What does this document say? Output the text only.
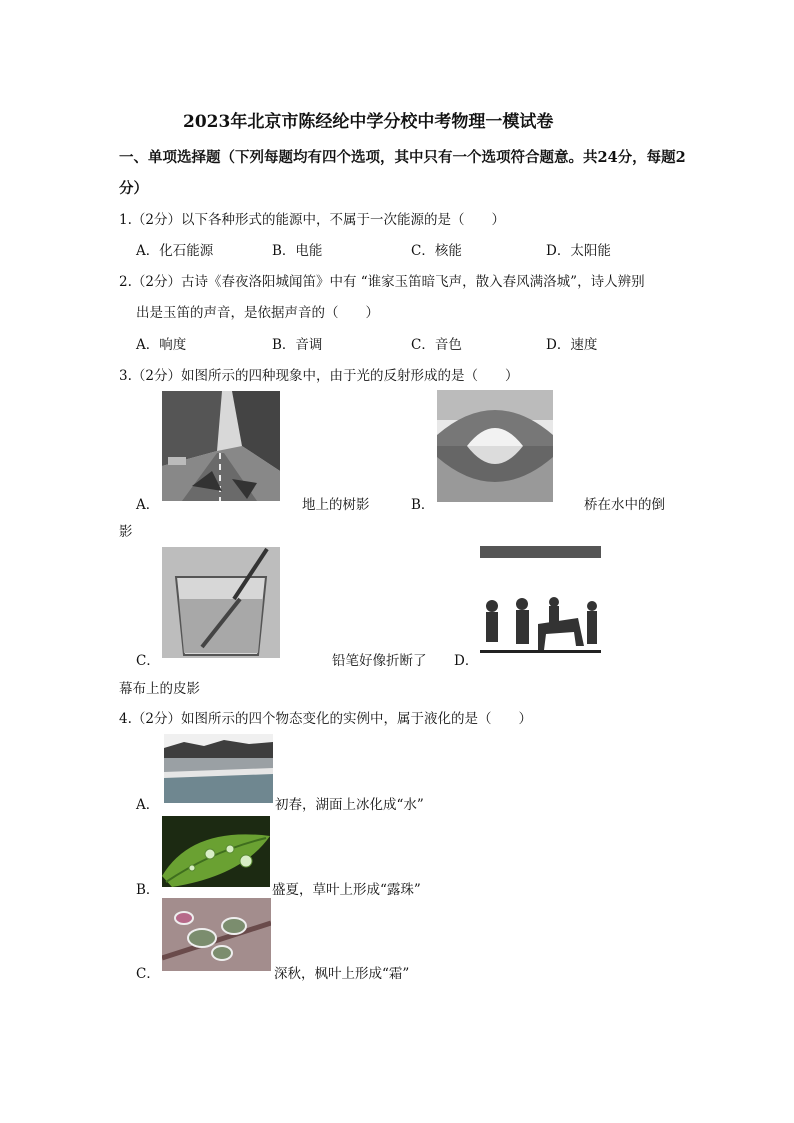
2023年北京市陈经纶中学分校中考物理一模试卷
一、单项选择题（下列每题均有四个选项，其中只有一个选项符合题意。共24分，每题2
分）
1.（2分）以下各种形式的能源中，不属于一次能源的是（　　）
A．化石能源	B．电能	C．核能	D．太阳能
2.（2分）古诗《春夜洛阳城闻笛》中有 “谁家玉笛暗飞声，散入春风满洛城”，诗人辨别
出是玉笛的声音，是依据声音的（　　）
A．响度	B．音调	C．音色	D．速度
3.（2分）如图所示的四种现象中，由于光的反射形成的是（　　）
A．	地上的树影	B．	桥在水中的倒
影
C．	铅笔好像折断了 D．
幕布上的皮影
4.（2分）如图所示的四个物态变化的实例中，属于液化的是（　　）
A．	初春，湖面上冰化成“水”
B．	盛夏，草叶上形成“露珠”
C．	深秋，枫叶上形成“霜”
